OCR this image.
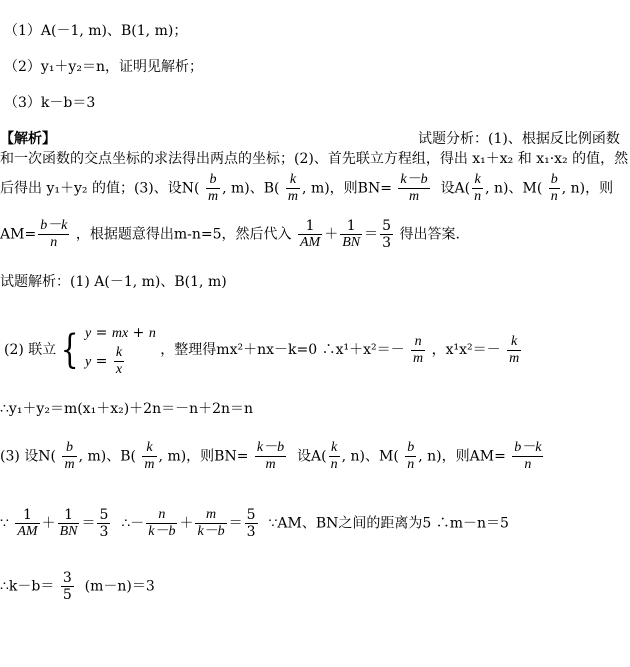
（1）A(－1, m)、B(1, m)；
（2）y₁＋y₂＝n，证明见解析；
（3）k－b＝3
【解析】	试题分析：(1)、根据反比例函数
和一次函数的交点坐标的求法得出两点的坐标；(2)、首先联立方程组，得出 x₁＋x₂ 和 x₁·x₂ 的值，然
后得出 y₁＋y₂ 的值；(3)、设$N( \frac{b}{m}$ , m)、$B( \frac{k}{m}$ , m)，则$BN= \frac{k-b}{m}$ 设$A( \frac{k}{n}$ , n)、$M( \frac{b}{n}$ , n)，则
$AM= \frac{b-k}{n}$ ，根据题意得出m-n=5，然后代入 $\frac{1}{AM} + \frac{1}{BN} = \frac{5}{3}$ 得出答案.
试题解析：(1) A(－1, m)、B(1, m)
(2) 联立 { y = mx + n
$y = \frac{k}{x}$	，整理得mx²＋nx－k=0 ∴x¹＋x²＝－ $\frac{n}{m}$ ，$x^1x^2=- \frac{k}{m}$
∴y₁＋y₂＝m(x₁＋x₂)＋2n＝－n＋2n＝n
(3) 设$N( \frac{b}{m}$ , m)、$B( \frac{k}{m}$ , m)，则$BN= \frac{k-b}{m}$ 设$A( \frac{k}{n}$ , n)、$M( \frac{b}{n}$ , n)，则$AM= \frac{b-k}{n}$
∵ $\frac{1}{AM} + \frac{1}{BN} = \frac{5}{3}$ ∴－ $\frac{n}{k-b} + \frac{m}{k-b} = \frac{5}{3}$ ∵AM、BN之间的距离为5 ∴m－n＝5
∴k－b＝ $\frac{3}{5} (m-n)=3$
